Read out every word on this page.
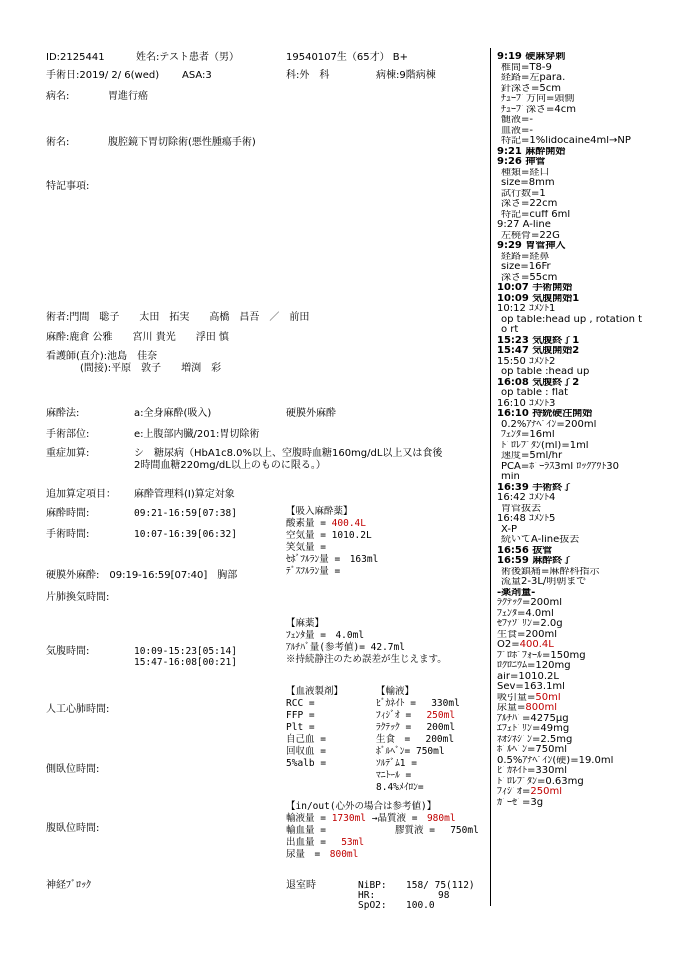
ID:2125441	姓名:テスト患者（男）	19540107生（65才） B+
手術日:2019/ 2/ 6(wed) ASA:3	科:外　科	病棟:9階病棟
病名:	胃進行癌
術名:	腹腔鏡下胃切除術(悪性腫瘍手術)
特記事項:
術者:門間　聡子　　太田　拓実　　高橋　昌吾　／　前田
麻酔:鹿倉 公雅　　宮川 貴光　　浮田 慎
看護師(直介):池島　佳奈
(間接):平原　敦子　　増渕　彩
麻酔法:	a:全身麻酔(吸入)	硬膜外麻酔
手術部位:	e:上腹部内臓/201:胃切除術
重症加算:	シ　糖尿病（HbA1c8.0%以上、空腹時血糖160mg/dL以上又は食後
2時間血糖220mg/dL以上のものに限る。）
追加算定項目： 麻酔管理料(Ⅰ)算定対象
麻酔時間:	09:21-16:59[07:38]
手術時間:	10:07-16:39[06:32]
硬膜外麻酔:　09:19-16:59[07:40]　胸部
片肺換気時間:
気腹時間:	10:09-15:23[05:14]
15:47-16:08[00:21]
人工心肺時間:
側臥位時間:
腹臥位時間:
神経ﾌﾞﾛｯｸ	退室時
【吸入麻酔薬】
酸素量 = 400.4L
空気量 = 1010.2L
笑気量 =
ｾﾎﾞﾌﾙﾗﾝ量 =　163ml
ﾃﾞｽﾌﾙﾗﾝ量 =
【麻薬】
ﾌｪﾝﾀ量 =　4.0ml
ｱﾙﾁﾊﾞ量(参考値)= 42.7ml
※持続静注のため誤差が生じえます。
【血液製剤】
RCC =
FFP =
Plt =
自己血 =
回収血 =
5%alb =
【輸液】
ﾋﾞｶﾈｲﾄ =　 330ml
ﾌｨｼﾞｵ =　 250ml
ﾗｸﾃｯｸ =　 200ml
生食　=　 200ml
ﾎﾞﾙﾍﾞﾝ= 750ml
ｿﾙﾃﾞﾑ1 =
ﾏﾆﾄｰﾙ =
8.4%ﾒｲﾛﾝ=
【in/out(心外の場合は参考値)】
輸液量 = 1730ml →晶質液 =　 980ml
輸血量 =	膠質液 =　 750ml
出血量 =　 53ml
尿量　=　 800ml
NiBP: 158/ 75(112)
HR:	98
SpO2: 100.0
9:19 硬麻穿刺
椎間=T8-9
経路=左para.
針深さ=5cm
ﾁｭｰﾌﾞ方向=頭側
ﾁｭｰﾌﾞ深さ=4cm
髄液=-
血液=-
特記=1%lidocaine4ml→NP
9:21 麻酔開始
9:26 挿管
種類=経口
size=8mm
試行数=1
深さ=22cm
特記=cuff 6ml
9:27 A-line
左橈骨=22G
9:29 胃管挿入
経路=経鼻
size=16Fr
深さ=55cm
10:07 手術開始
10:09 気腹開始1
10:12 ｺﾒﾝﾄ1
op table:head up , rotation t
o rt
15:23 気腹終了1
15:47 気腹開始2
15:50 ｺﾒﾝﾄ2
op table :head up
16:08 気腹終了2
op table : flat
16:10 ｺﾒﾝﾄ3
16:10 持続硬注開始
0.2%ｱﾅﾍﾟｲﾝ=200ml
ﾌｪﾝﾀ=16ml
ﾄﾞﾛﾚﾌﾟﾀﾝ(ml)=1ml
速度=5ml/hr
PCA=ﾎﾞｰﾗｽ3ml ﾛｯｸｱｳﾄ30
min
16:39 手術終了
16:42 ｺﾒﾝﾄ4
胃管抜去
16:48 ｺﾒﾝﾄ5
X-P
続いてA-line抜去
16:56 抜管
16:59 麻酔終了
術後鎮痛=麻酔科指示
流量2-3L/明朝まで
-薬剤量-
ﾗｸﾃｯｸ=200ml
ﾌｪﾝﾀ=4.0ml
ｾﾌｧｿﾞﾘﾝ=2.0g
生食=200ml
O2=400.4L
ﾌﾟﾛﾎﾟﾌｫｰﾙ=150mg
ﾛｸﾛﾆｳﾑ=120mg
air=1010.2L
Sev=163.1ml
吸引量=50ml
尿量=800ml
ｱﾙﾁﾊﾞ=4275μg
ｴﾌｪﾄﾞﾘﾝ=49mg
ﾈｵｼﾈｼﾞﾝ=2.5mg
ﾎﾞﾙﾍﾞﾝ=750ml
0.5%ｱﾅﾍﾟｲﾝ(硬)=19.0ml
ﾋﾞｶﾈｲﾄ=330ml
ﾄﾞﾛﾚﾌﾟﾀﾝ=0.63mg
ﾌｨｼﾞｵ=250ml
ｶﾞｰｾﾞ=3g
